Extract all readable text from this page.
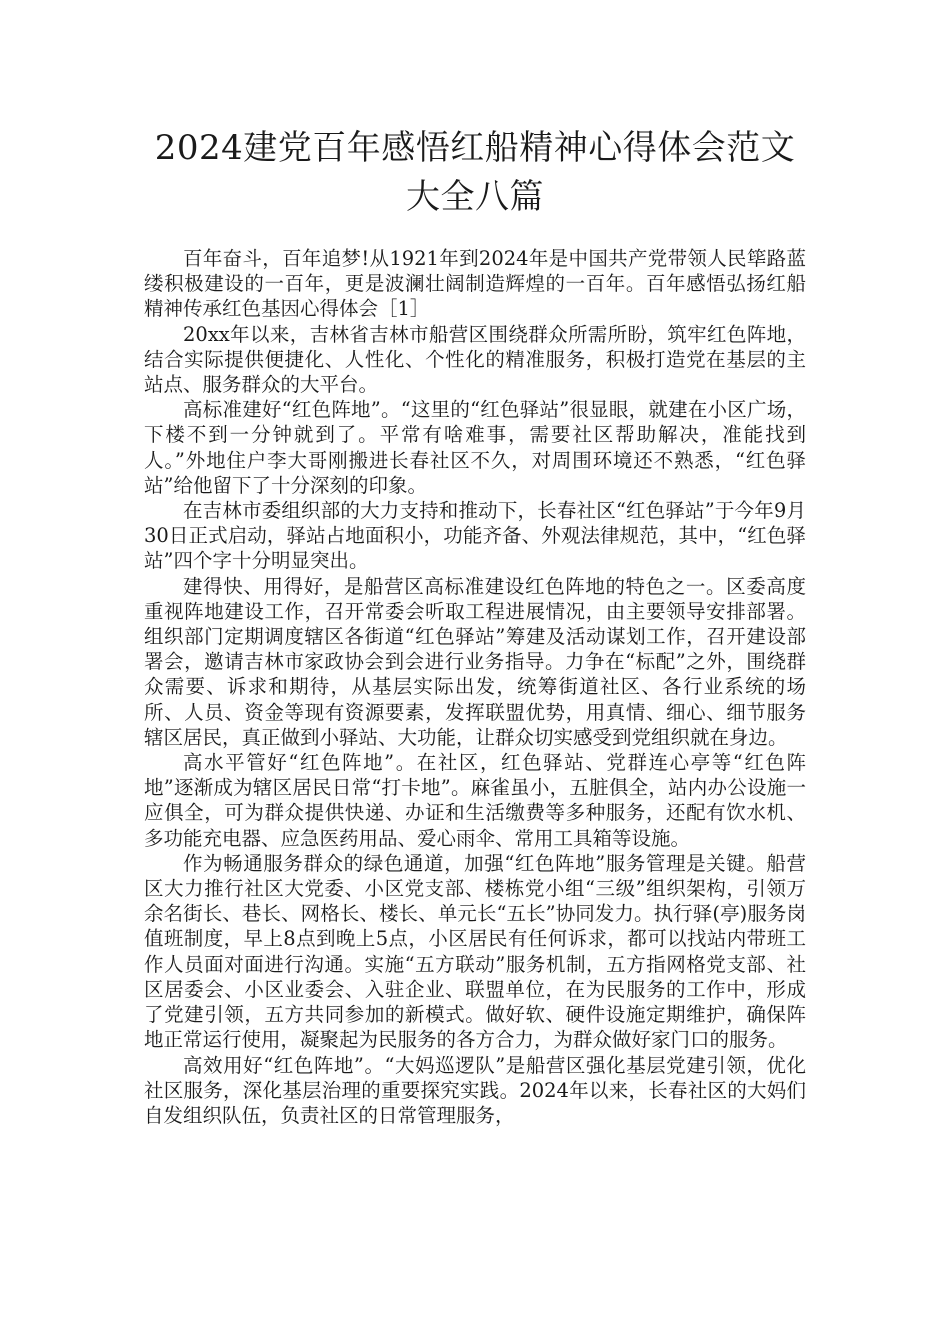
2024建党百年感悟红船精神心得体会范文
大全八篇

百年奋斗，百年追梦!从1921年到2024年是中国共产党带领人民筚路蓝缕积极建设的一百年，更是波澜壮阔制造辉煌的一百年。百年感悟弘扬红船精神传承红色基因心得体会［1］

20xx年以来，吉林省吉林市船营区围绕群众所需所盼，筑牢红色阵地，结合实际提供便捷化、人性化、个性化的精准服务，积极打造党在基层的主站点、服务群众的大平台。

高标准建好“红色阵地”。“这里的“红色驿站”很显眼，就建在小区广场，下楼不到一分钟就到了。平常有啥难事，需要社区帮助解决，准能找到人。”外地住户李大哥刚搬进长春社区不久，对周围环境还不熟悉，“红色驿站”给他留下了十分深刻的印象。

在吉林市委组织部的大力支持和推动下，长春社区“红色驿站”于今年9月30日正式启动，驿站占地面积小，功能齐备、外观法律规范，其中，“红色驿站”四个字十分明显突出。

建得快、用得好，是船营区高标准建设红色阵地的特色之一。区委高度重视阵地建设工作，召开常委会听取工程进展情况，由主要领导安排部署。组织部门定期调度辖区各街道“红色驿站”筹建及活动谋划工作，召开建设部署会，邀请吉林市家政协会到会进行业务指导。力争在“标配”之外，围绕群众需要、诉求和期待，从基层实际出发，统筹街道社区、各行业系统的场所、人员、资金等现有资源要素，发挥联盟优势，用真情、细心、细节服务辖区居民，真正做到小驿站、大功能，让群众切实感受到党组织就在身边。

高水平管好“红色阵地”。在社区，红色驿站、党群连心亭等“红色阵地”逐渐成为辖区居民日常“打卡地”。麻雀虽小，五脏俱全，站内办公设施一应俱全，可为群众提供快递、办证和生活缴费等多种服务，还配有饮水机、多功能充电器、应急医药用品、爱心雨伞、常用工具箱等设施。

作为畅通服务群众的绿色通道，加强“红色阵地”服务管理是关键。船营区大力推行社区大党委、小区党支部、楼栋党小组“三级”组织架构，引领万余名街长、巷长、网格长、楼长、单元长“五长”协同发力。执行驿(亭)服务岗值班制度，早上8点到晚上5点，小区居民有任何诉求，都可以找站内带班工作人员面对面进行沟通。实施“五方联动”服务机制，五方指网格党支部、社区居委会、小区业委会、入驻企业、联盟单位，在为民服务的工作中，形成了党建引领，五方共同参加的新模式。做好软、硬件设施定期维护，确保阵地正常运行使用，凝聚起为民服务的各方合力，为群众做好家门口的服务。

高效用好“红色阵地”。“大妈巡逻队”是船营区强化基层党建引领，优化社区服务，深化基层治理的重要探究实践。2024年以来，长春社区的大妈们自发组织队伍，负责社区的日常管理服务，
